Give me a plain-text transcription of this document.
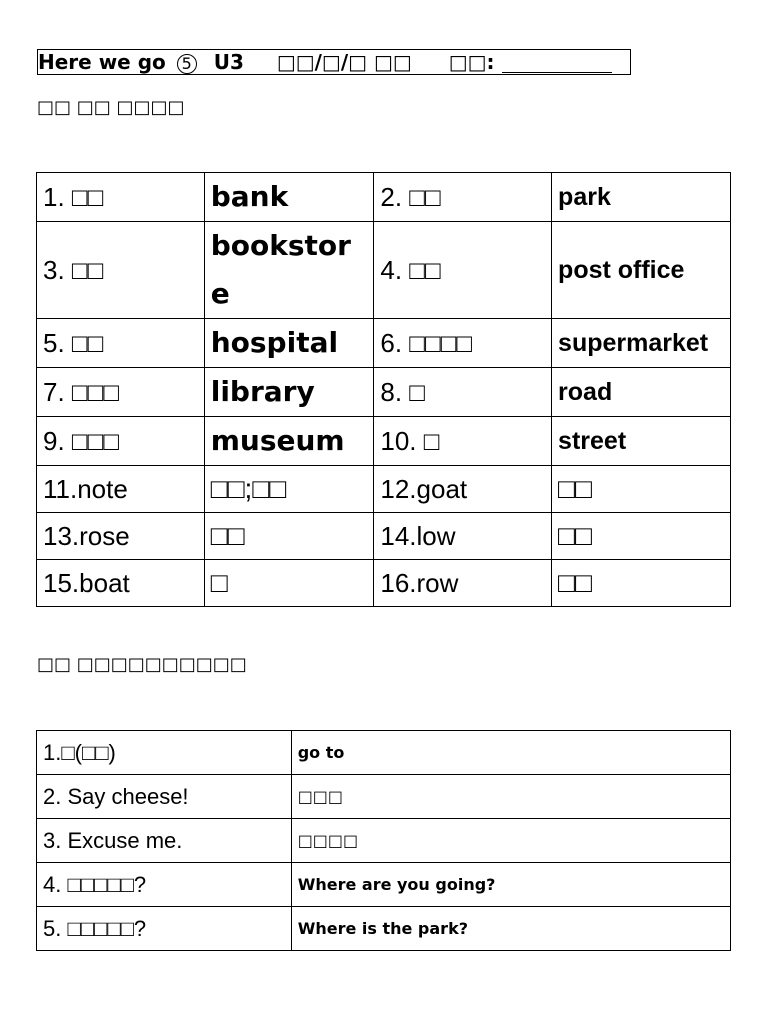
Here we go 5 U3 □□/□/□ □□ □□:
□□ □□ □□□□
1. □□	bank	2. □□	park
3. □□	bookstore	4. □□	post office
5. □□	hospital	6. □□□□	supermarket
7. □□□	library	8. □	road
9. □□□	museum	10. □	street
11.note	□□;□□	12.goat	□□
13.rose	□□	14.low	□□
15.boat	□	16.row	□□
□□ □□□□□□□□□□
1.□(□□)	go to
2. Say cheese!	□□□
3. Excuse me.	□□□□
4. □□□□□?	Where are you going?
5. □□□□□?	Where is the park?
